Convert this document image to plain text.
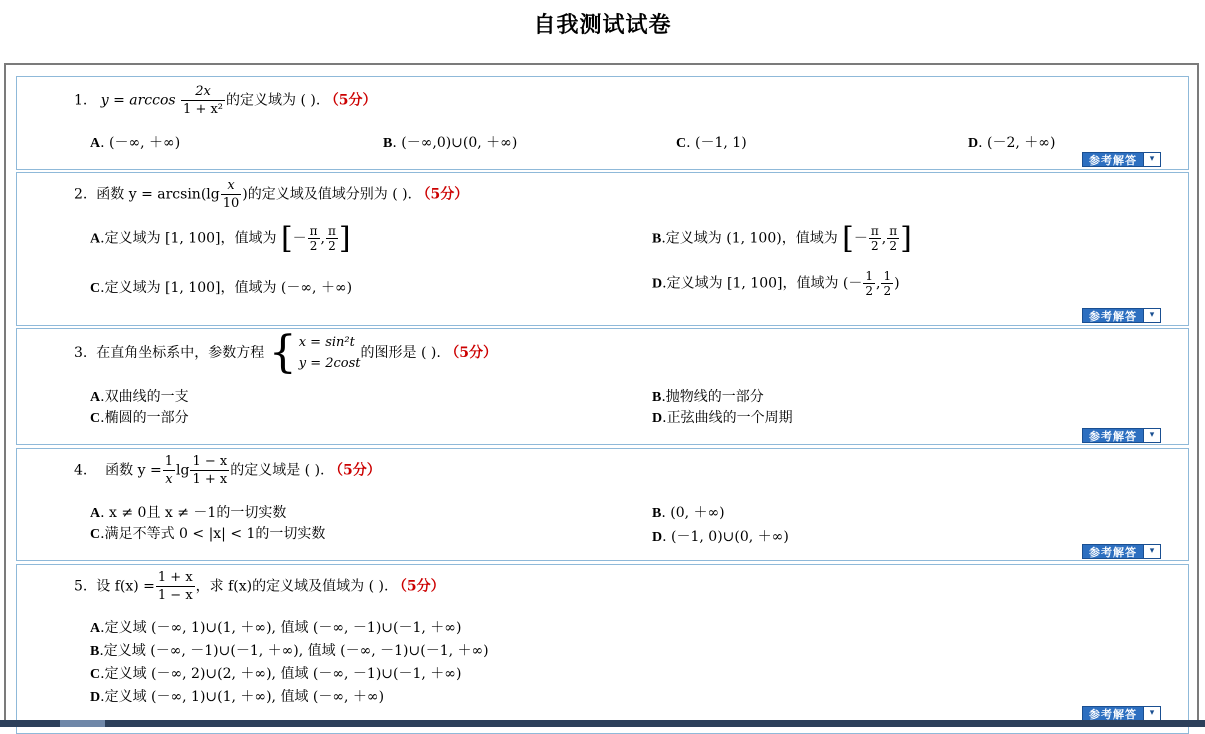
自我测试试卷
1. $y = \arccos \frac{2x}{\text{1 + x²}}$ 的定义域为 ( ). （5分）
A. (－∞, ＋∞)	B. (－∞,0)∪(0, ＋∞)	C. (－1, 1)	D. (－2, ＋∞)
参考解答	▾
2. 函数 $y = \arcsin(\lg \frac{x}{10}$ )的定义域及值域分别为 ( ). （5分）
A.定义域为 [1, 100]，值域为 [－ $\frac{\pi}{2}$ , $\frac{\pi}{2}$ ]	B.定义域为 (1, 100)，值域为 [－ $\frac{\pi}{2}$ , $\frac{\pi}{2}$ ]
C.定义域为 [1, 100]，值域为 (－∞, ＋∞)	D.定义域为 [1, 100]，值域为 (－ $\frac{1}{2}$ , $\frac{1}{2}$ )
参考解答	▾
3. 在直角坐标系中，参数方程 { x = sin²t
y = 2cost
的图形是 ( ). （5分）
A.双曲线的一支	B.抛物线的一部分
C.椭圆的一部分	D.正弦曲线的一个周期
参考解答	▾
4. 函数 $y = \frac{1}{x}$ $\lg \frac{1 - x}{1 + x}$ 的定义域是 ( ). （5分）
A. x ≠ 0且 x ≠ －1的一切实数	B. (0, ＋∞)
C.满足不等式 0 < |x| < 1的一切实数	D. (－1, 0)∪(0, ＋∞)
参考解答	▾
5. 设 $f(x) = \frac{1 + x}{1 - x}$ ，求 f(x)的定义域及值域为 ( ). （5分）
A.定义域 (－∞, 1)∪(1, ＋∞), 值域 (－∞, －1)∪(－1, ＋∞)
B.定义域 (－∞, －1)∪(－1, ＋∞), 值域 (－∞, －1)∪(－1, ＋∞)
C.定义域 (－∞, 2)∪(2, ＋∞), 值域 (－∞, －1)∪(－1, ＋∞)
D.定义域 (－∞, 1)∪(1, ＋∞), 值域 (－∞, ＋∞)
参考解答	▾
